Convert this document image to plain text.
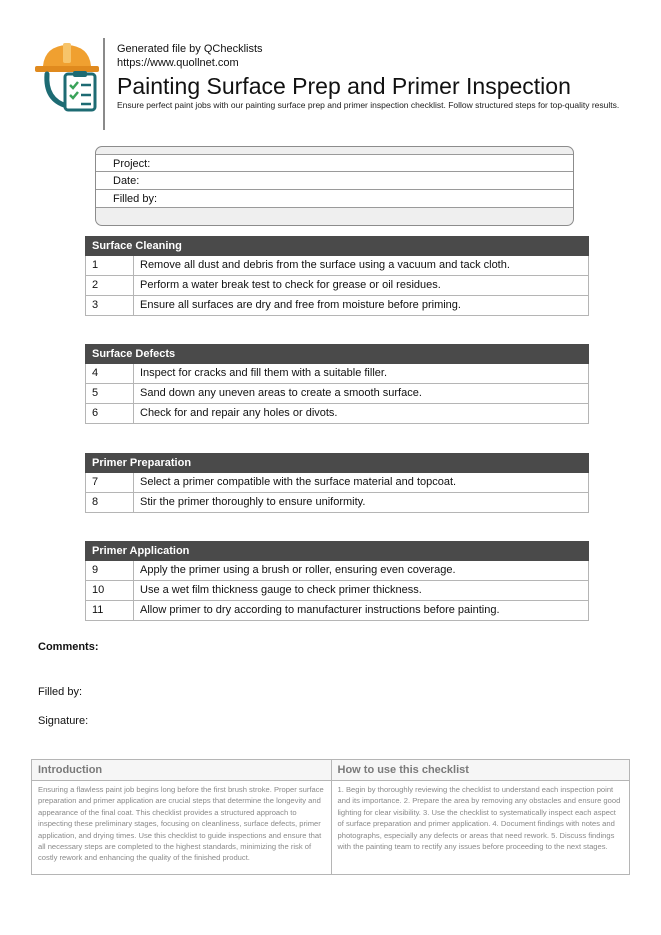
Generated file by QChecklists
https://www.quollnet.com
Painting Surface Prep and Primer Inspection
Ensure perfect paint jobs with our painting surface prep and primer inspection checklist. Follow structured steps for top-quality results.
Project:
Date:
Filled by:
Surface Cleaning
1	Remove all dust and debris from the surface using a vacuum and tack cloth.
2	Perform a water break test to check for grease or oil residues.
3	Ensure all surfaces are dry and free from moisture before priming.
Surface Defects
4	Inspect for cracks and fill them with a suitable filler.
5	Sand down any uneven areas to create a smooth surface.
6	Check for and repair any holes or divots.
Primer Preparation
7	Select a primer compatible with the surface material and topcoat.
8	Stir the primer thoroughly to ensure uniformity.
Primer Application
9	Apply the primer using a brush or roller, ensuring even coverage.
10	Use a wet film thickness gauge to check primer thickness.
11	Allow primer to dry according to manufacturer instructions before painting.
Comments:
Filled by:
Signature:
Introduction
Ensuring a flawless paint job begins long before the first brush stroke. Proper surface preparation and primer application are crucial steps that determine the longevity and appearance of the final coat. This checklist provides a structured approach to inspecting these preliminary stages, focusing on cleanliness, surface defects, primer application, and drying times. Use this checklist to guide inspections and ensure that all necessary steps are completed to the highest standards, minimizing the risk of costly rework and enhancing the quality of the finished product.
How to use this checklist
1. Begin by thoroughly reviewing the checklist to understand each inspection point and its importance. 2. Prepare the area by removing any obstacles and ensure good lighting for clear visibility. 3. Use the checklist to systematically inspect each aspect of surface preparation and primer application. 4. Document findings with notes and photographs, especially any defects or areas that need rework. 5. Discuss findings with the painting team to rectify any issues before proceeding to the next stages.
